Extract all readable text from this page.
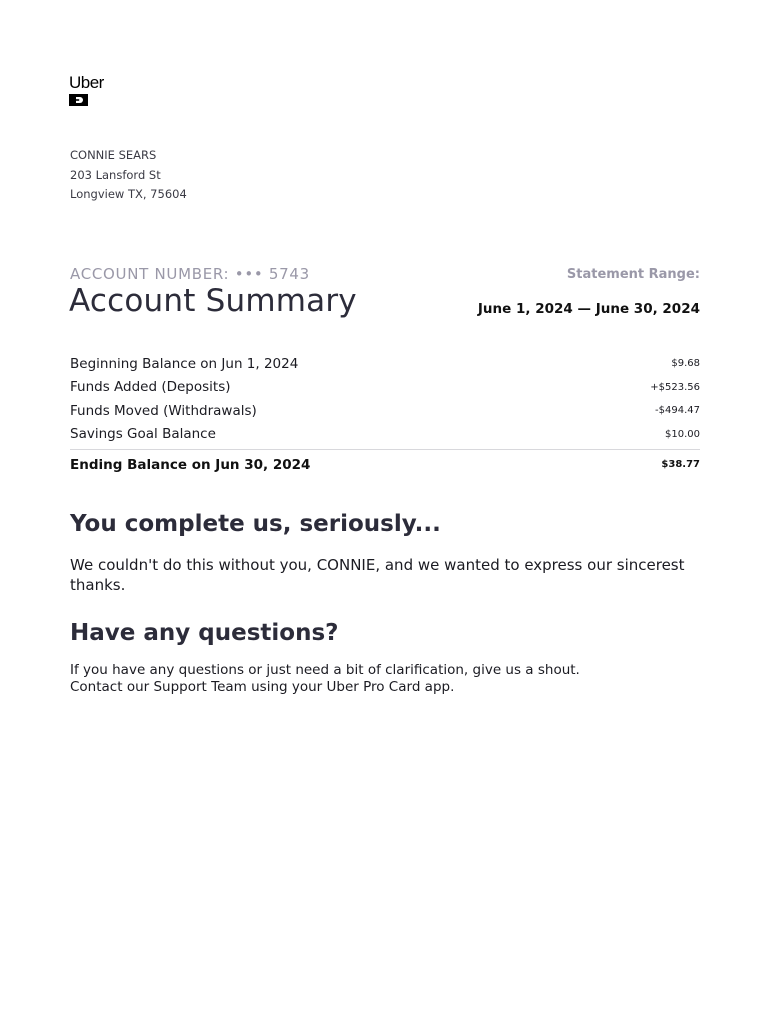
Uber
CONNIE SEARS
203 Lansford St
Longview TX, 75604
ACCOUNT NUMBER: ••• 5743
Account Summary
Statement Range:
June 1, 2024 — June 30, 2024
Beginning Balance on Jun 1, 2024	$9.68
Funds Added (Deposits)	+$523.56
Funds Moved (Withdrawals)	-$494.47
Savings Goal Balance	$10.00
Ending Balance on Jun 30, 2024	$38.77
You complete us, seriously...

We couldn't do this without you, CONNIE, and we wanted to express our sincerest thanks.

Have any questions?
If you have any questions or just need a bit of clarification, give us a shout.
Contact our Support Team using your Uber Pro Card app.
